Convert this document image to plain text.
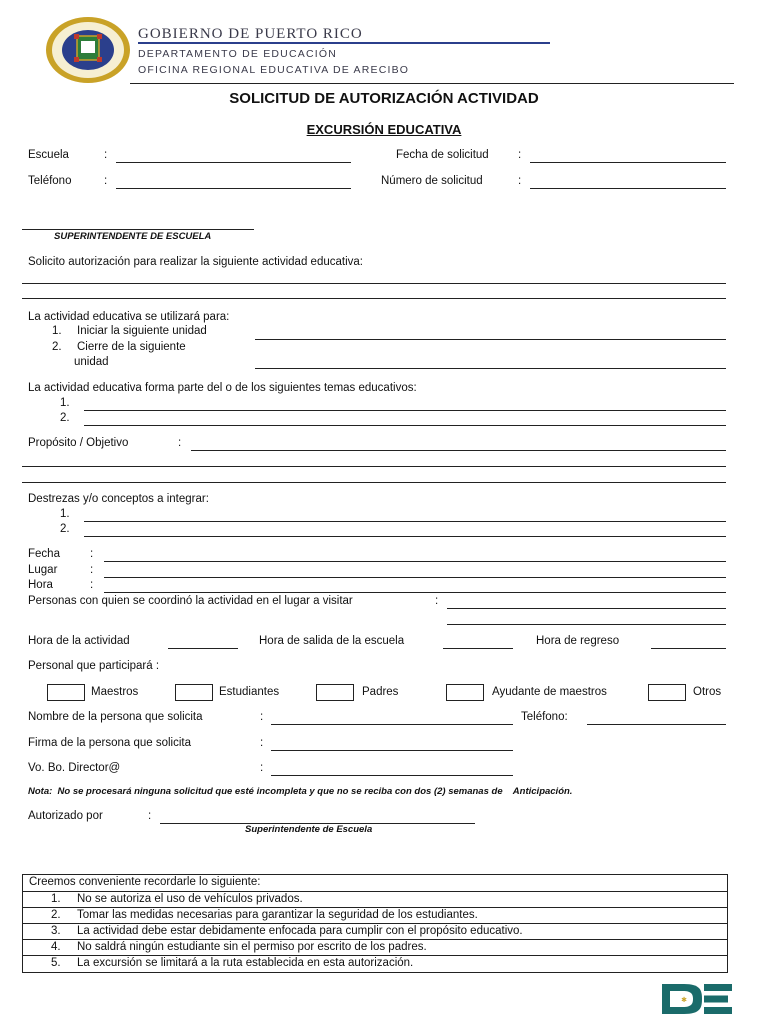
GOBIERNO DE PUERTO RICO
DEPARTAMENTO DE EDUCACIÓN
OFICINA REGIONAL EDUCATIVA DE ARECIBO
SOLICITUD DE AUTORIZACIÓN ACTIVIDAD
EXCURSIÓN EDUCATIVA
Escuela	:	Fecha de solicitud	:
Teléfono	:	Número de solicitud	:
SUPERINTENDENTE DE ESCUELA
Solicito autorización para realizar la siguiente actividad educativa:
La actividad educativa se utilizará para:
1. Iniciar la siguiente unidad
2. Cierre de la siguiente
unidad
La actividad educativa forma parte del o de los siguientes temas educativos:
1.
2.
Propósito / Objetivo	:
Destrezas y/o conceptos a integrar:
1.
2.
Fecha	:
Lugar	:
Hora	:
Personas con quien se coordinó la actividad en el lugar a visitar	:
Hora de la actividad	Hora de salida de la escuela	Hora de regreso
Personal que participará :
Maestros	Estudiantes	Padres	Ayudante de maestros	Otros
Nombre de la persona que solicita	:	Teléfono:
Firma de la persona que solicita	:
Vo. Bo. Director@	:
Nota:  No se procesará ninguna solicitud que esté incompleta y que no se reciba con dos (2) semanas de    Anticipación.
Autorizado por	:
Superintendente de Escuela
Creemos conveniente recordarle lo siguiente:
1. No se autoriza el uso de vehículos privados.
2. Tomar las medidas necesarias para garantizar la seguridad de los estudiantes.
3. La actividad debe estar debidamente enfocada para cumplir con el propósito educativo.
4. No saldrá ningún estudiante sin el permiso por escrito de los padres.
5. La excursión se limitará a la ruta establecida en esta autorización.
✱
